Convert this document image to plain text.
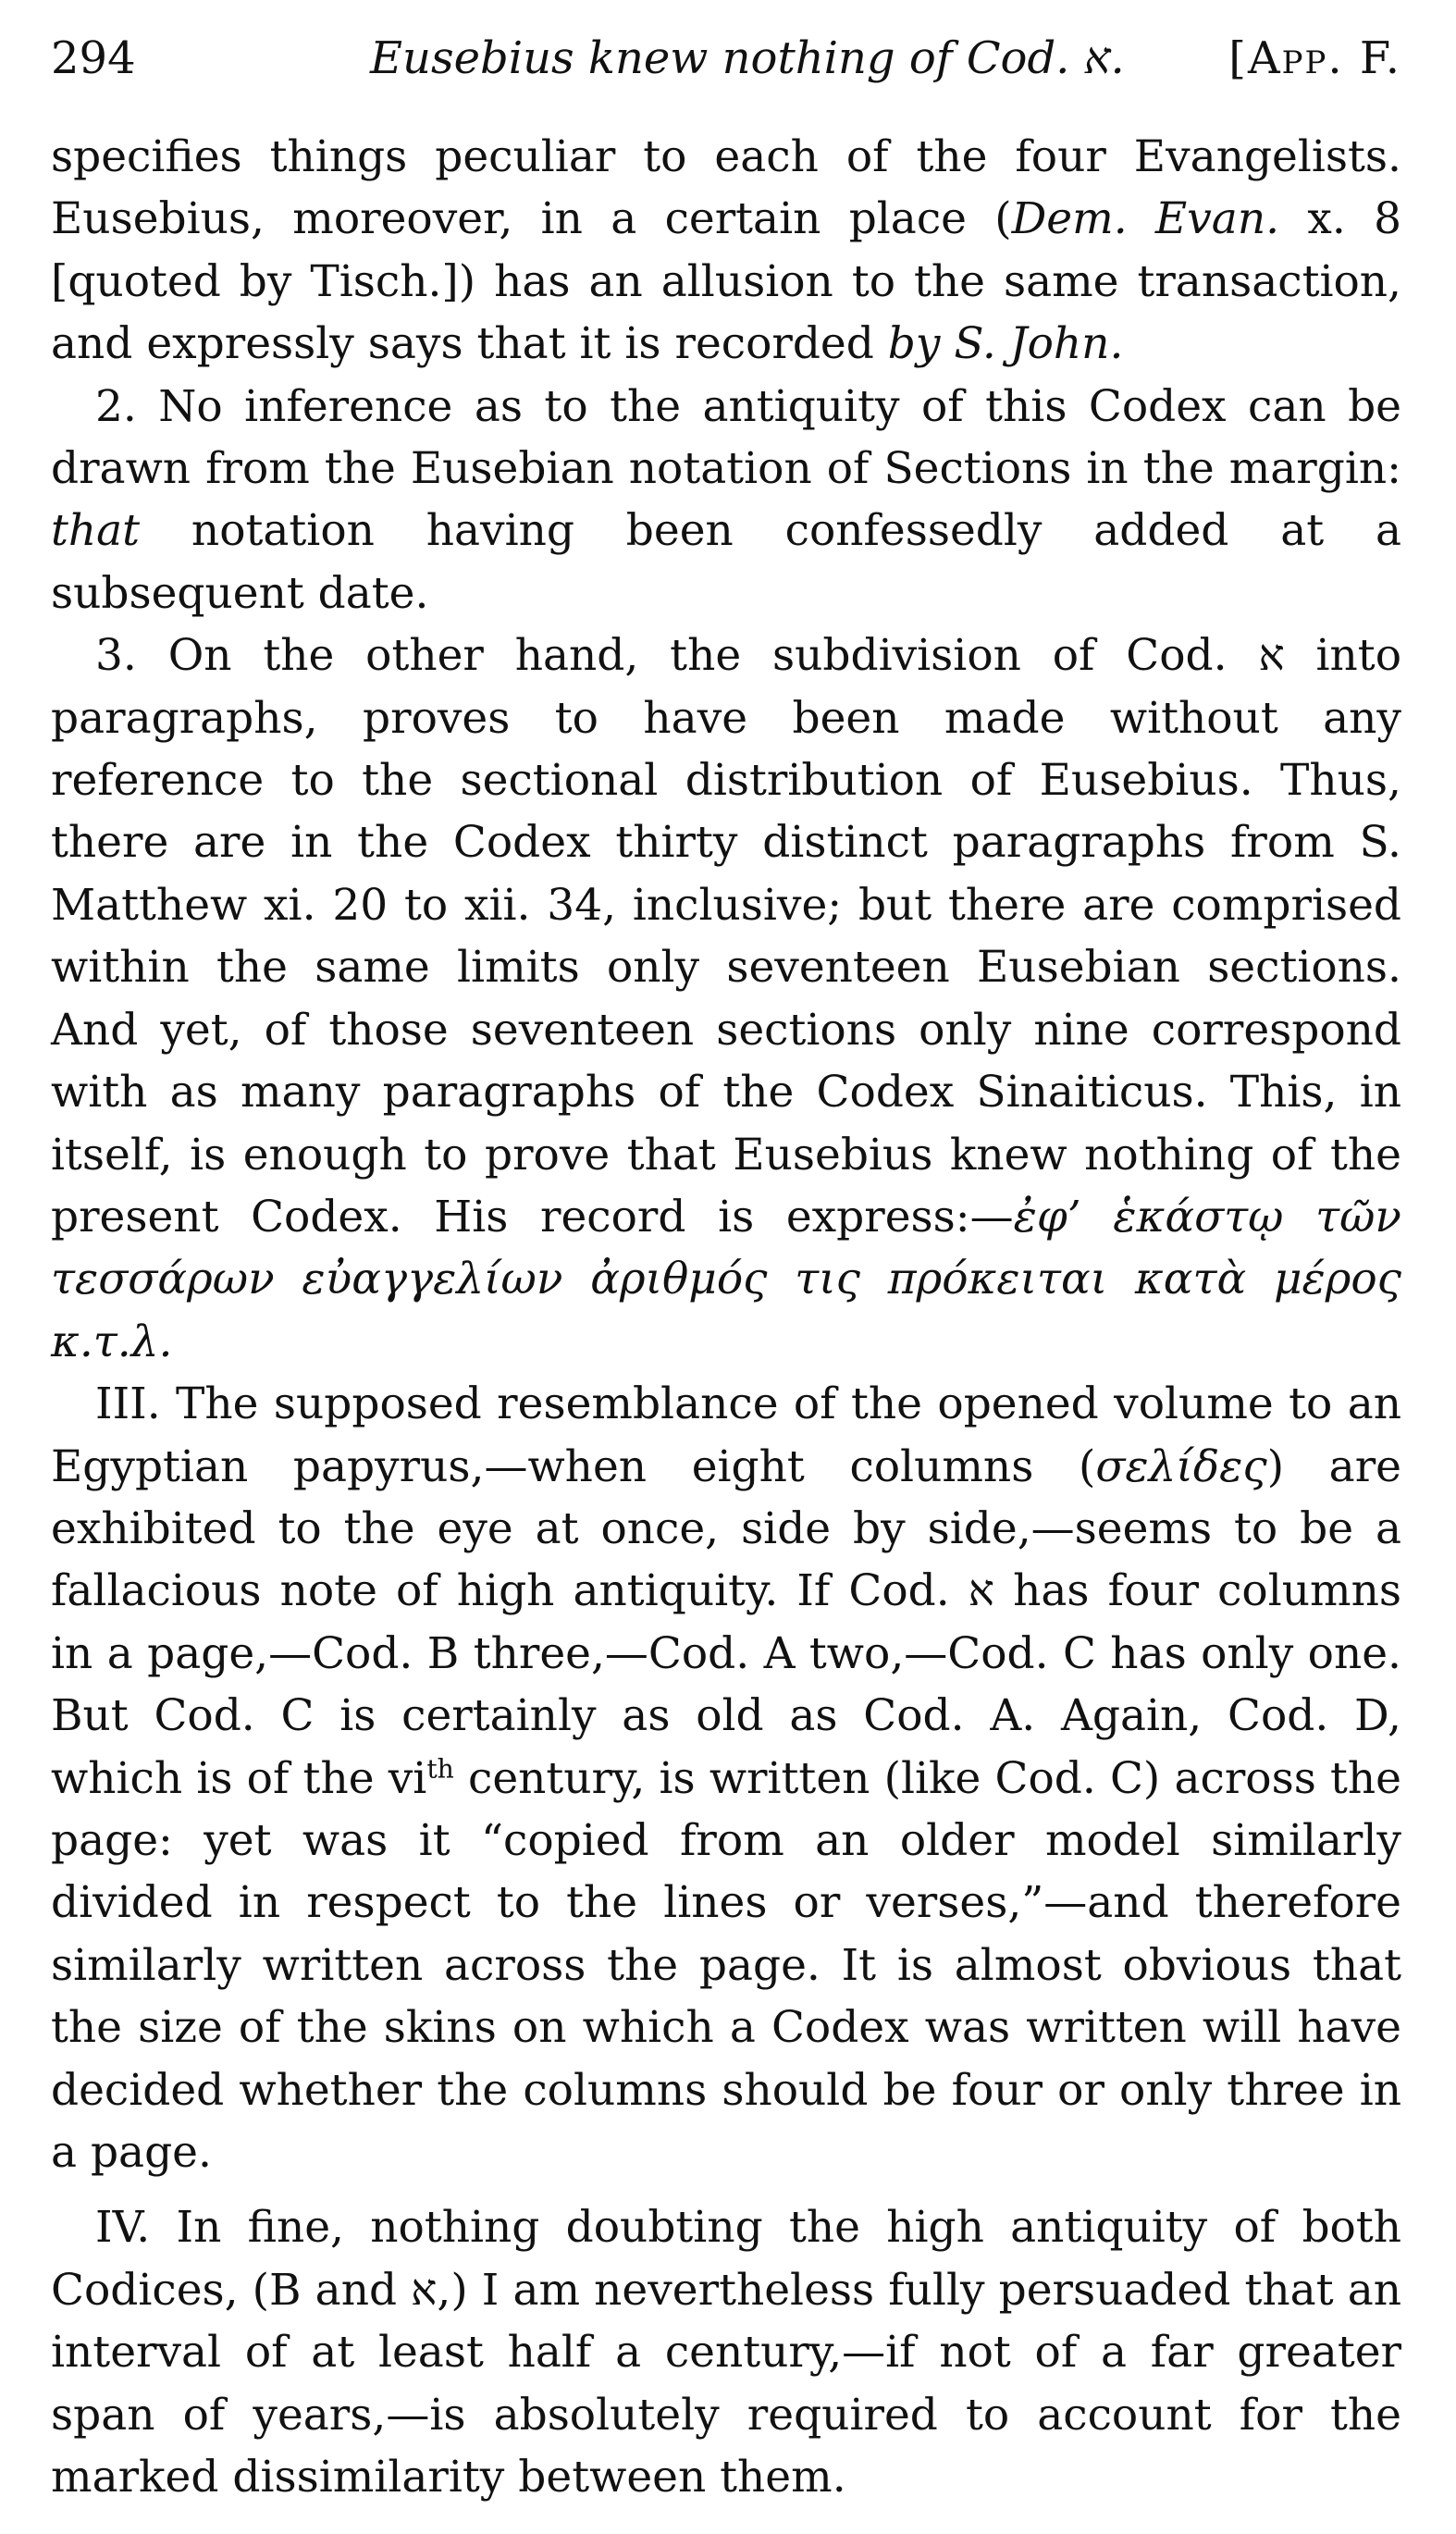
294	Eusebius knew nothing of Cod. א. [App. F.

specifies things peculiar to each of the four Evangelists. Eusebius, moreover, in a certain place (Dem. Evan. x. 8 [quoted by Tisch.]) has an allusion to the same transaction, and expressly says that it is recorded by S. John.

2. No inference as to the antiquity of this Codex can be drawn from the Eusebian notation of Sections in the margin: that notation having been confessedly added at a subsequent date.

3. On the other hand, the subdivision of Cod. א into paragraphs, proves to have been made without any reference to the sectional distribution of Eusebius. Thus, there are in the Codex thirty distinct paragraphs from S. Matthew xi. 20 to xii. 34, inclusive; but there are comprised within the same limits only seventeen Eusebian sections. And yet, of those seventeen sections only nine correspond with as many paragraphs of the Codex Sinaiticus. This, in itself, is enough to prove that Eusebius knew nothing of the present Codex. His record is express:—ἐφ’ ἑκάστῳ τῶν τεσσάρων εὐαγγελίων ἀριθμός τις πρόκειται κατὰ μέρος κ.τ.λ.

III. The supposed resemblance of the opened volume to an Egyptian papyrus,—when eight columns (σελίδες) are exhibited to the eye at once, side by side,—seems to be a fallacious note of high antiquity. If Cod. א has four columns in a page,—Cod. B three,—Cod. A two,—Cod. C has only one. But Cod. C is certainly as old as Cod. A. Again, Cod. D, which is of the $vi^{th}$ century, is written (like Cod. C) across the page: yet was it “copied from an older model similarly divided in respect to the lines or verses,”—and therefore similarly written across the page. It is almost obvious that the size of the skins on which a Codex was written will have decided whether the columns should be four or only three in a page.

IV. In fine, nothing doubting the high antiquity of both Codices, (B and א,) I am nevertheless fully persuaded that an interval of at least half a century,—if not of a far greater span of years,—is absolutely required to account for the marked dissimilarity between them.
